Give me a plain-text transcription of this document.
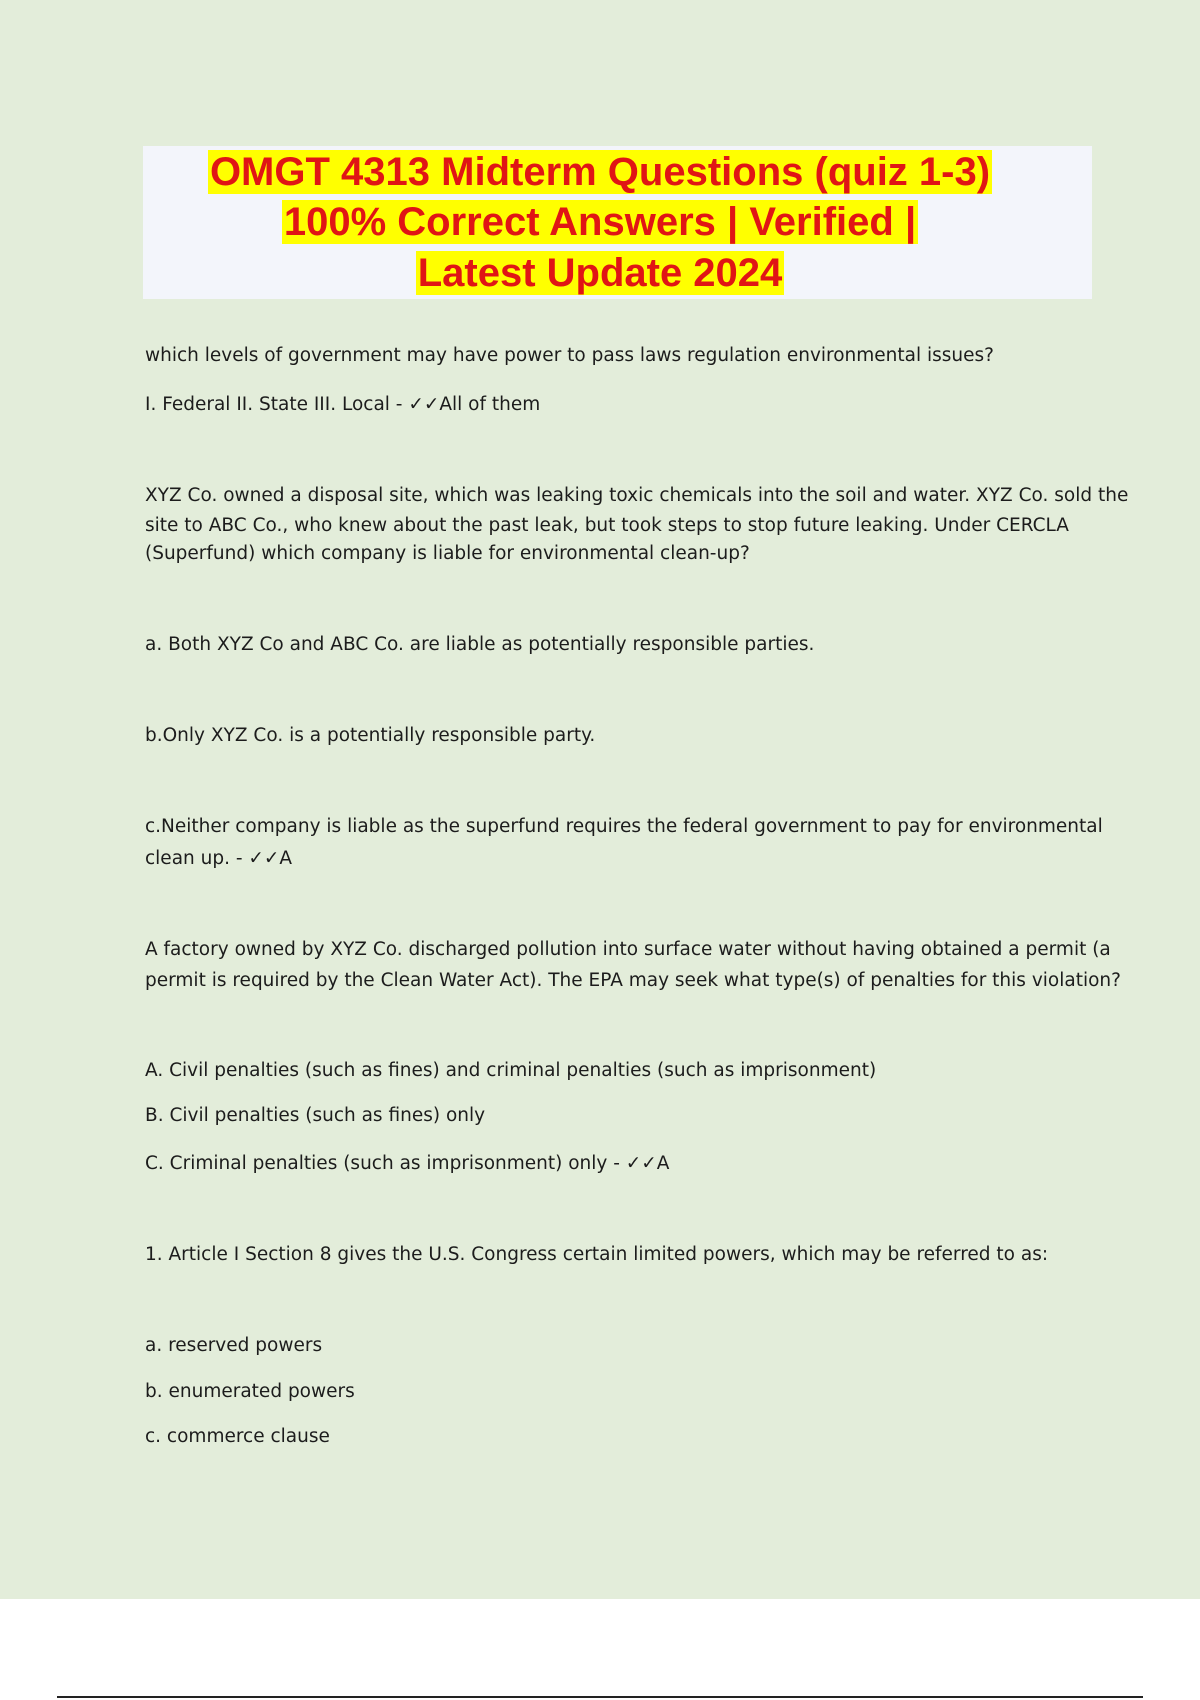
OMGT 4313 Midterm Questions (quiz 1-3)
100% Correct Answers | Verified |
Latest Update 2024
which levels of government may have power to pass laws regulation environmental issues?
I. Federal II. State III. Local - ✓✓All of them
XYZ Co. owned a disposal site, which was leaking toxic chemicals into the soil and water. XYZ Co. sold the
site to ABC Co., who knew about the past leak, but took steps to stop future leaking. Under CERCLA
(Superfund) which company is liable for environmental clean-up?
a. Both XYZ Co and ABC Co. are liable as potentially responsible parties.
b.Only XYZ Co. is a potentially responsible party.
c.Neither company is liable as the superfund requires the federal government to pay for environmental
clean up. - ✓✓A
A factory owned by XYZ Co. discharged pollution into surface water without having obtained a permit (a
permit is required by the Clean Water Act). The EPA may seek what type(s) of penalties for this violation?
A. Civil penalties (such as fines) and criminal penalties (such as imprisonment)
B. Civil penalties (such as fines) only
C. Criminal penalties (such as imprisonment) only - ✓✓A
1. Article I Section 8 gives the U.S. Congress certain limited powers, which may be referred to as:
a. reserved powers
b. enumerated powers
c. commerce clause
